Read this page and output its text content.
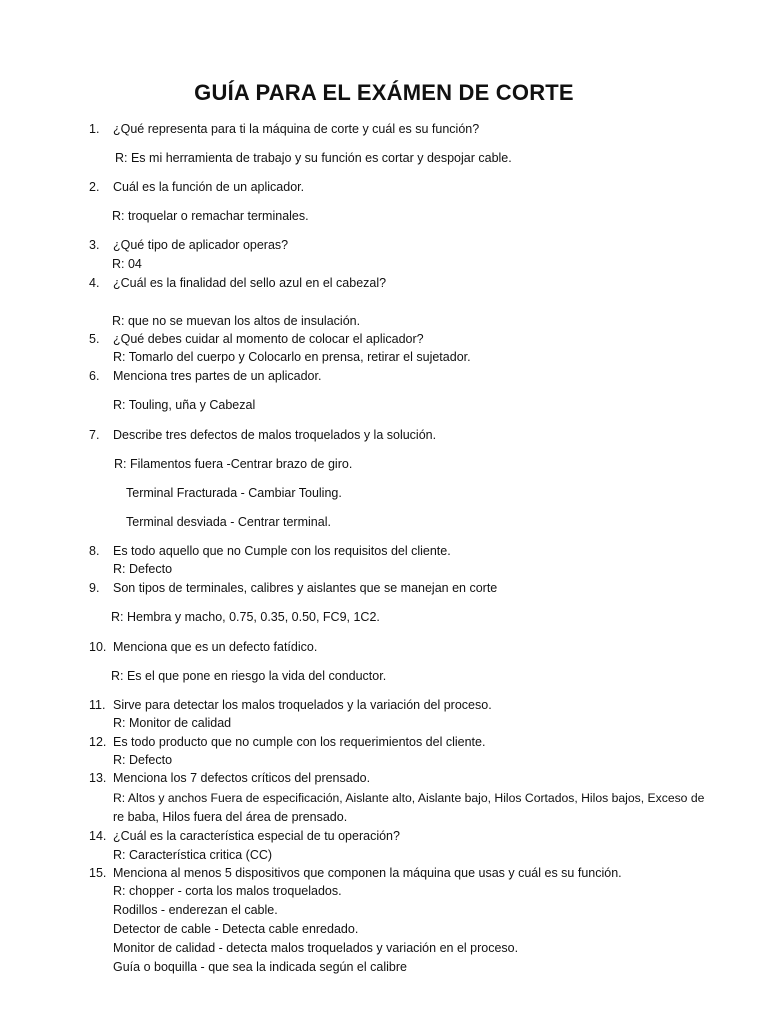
GUÍA PARA EL EXÁMEN DE CORTE
1. ¿Qué representa para ti la máquina de corte y cuál es su función?
R: Es mi herramienta de trabajo y su función es cortar y despojar cable.
2. Cuál es la función de un aplicador.
R: troquelar o remachar terminales.
3. ¿Qué tipo de aplicador operas?
R: 04
4. ¿Cuál es la finalidad del sello azul en el cabezal?
R: que no se muevan los altos de insulación.
5. ¿Qué debes cuidar al momento de colocar el aplicador?
R: Tomarlo del cuerpo y Colocarlo en prensa, retirar el sujetador.
6. Menciona tres partes de un aplicador.
R: Touling, uña y Cabezal
7. Describe tres defectos de malos troquelados y la solución.
R: Filamentos fuera -Centrar brazo de giro.
Terminal Fracturada - Cambiar Touling.
Terminal desviada - Centrar terminal.
8. Es todo aquello que no Cumple con los requisitos del cliente.
R: Defecto
9. Son tipos de terminales, calibres y aislantes que se manejan en corte
R: Hembra y macho, 0.75, 0.35, 0.50, FC9, 1C2.
10. Menciona que es un defecto fatídico.
R: Es el que pone en riesgo la vida del conductor.
11. Sirve para detectar los malos troquelados y la variación del proceso.
R: Monitor de calidad
12. Es todo producto que no cumple con los requerimientos del cliente.
R: Defecto
13. Menciona los 7 defectos críticos del prensado.
R: Altos y anchos Fuera de especificación, Aislante alto, Aislante bajo, Hilos Cortados, Hilos bajos, Exceso de
re baba, Hilos fuera del área de prensado.
14. ¿Cuál es la característica especial de tu operación?
R: Característica critica (CC)
15. Menciona al menos 5 dispositivos que componen la máquina que usas y cuál es su función.
R: chopper - corta los malos troquelados.
Rodillos - enderezan el cable.
Detector de cable - Detecta cable enredado.
Monitor de calidad - detecta malos troquelados y variación en el proceso.
Guía o boquilla - que sea la indicada según el calibre
